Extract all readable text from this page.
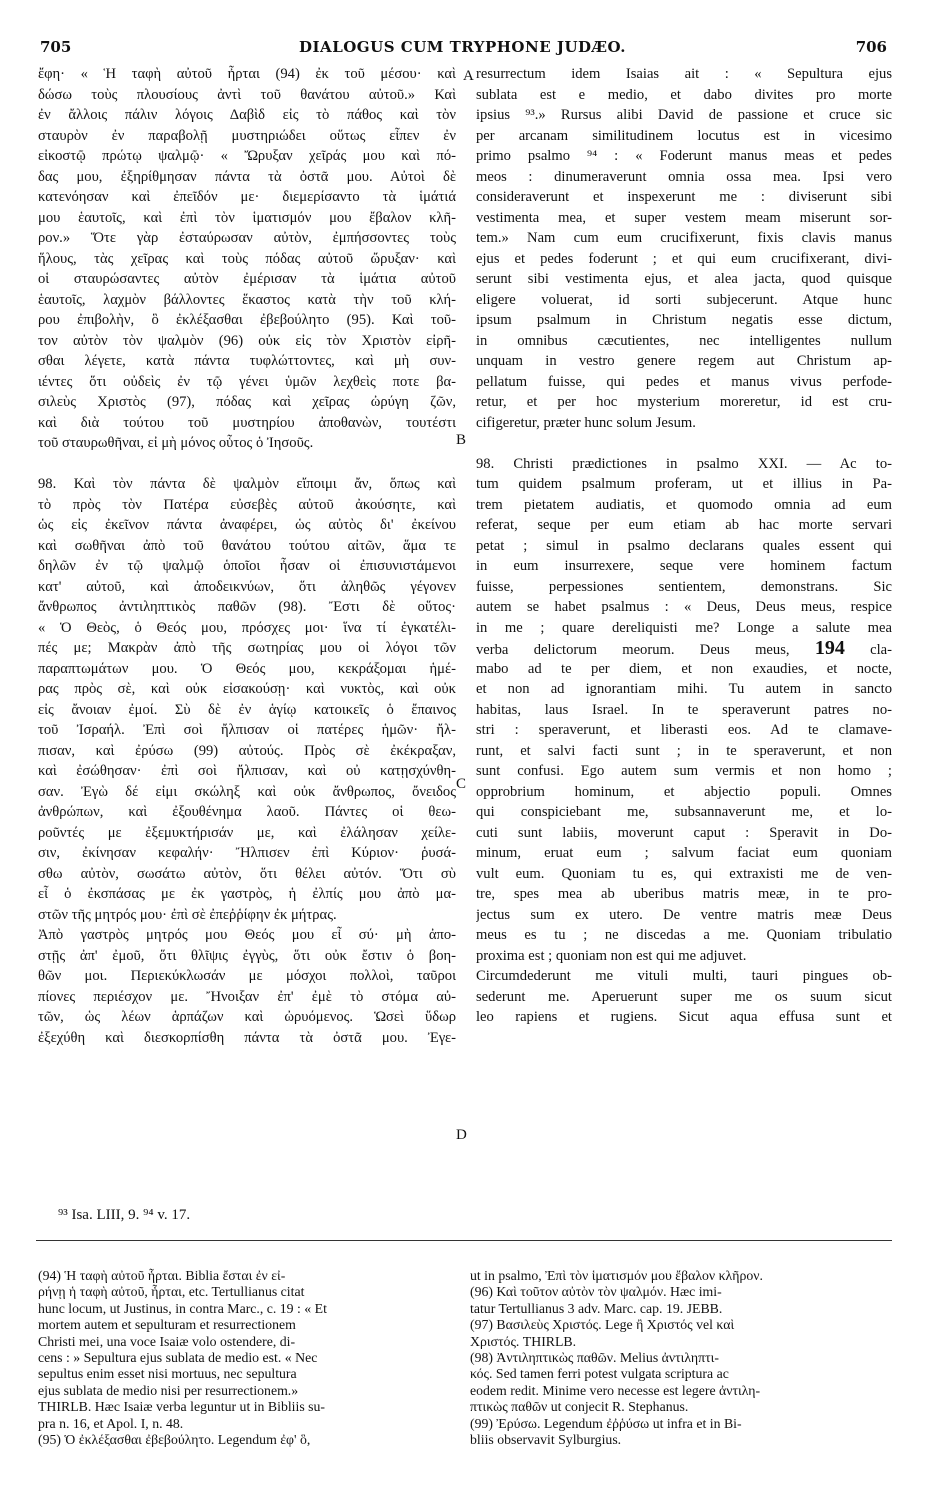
705	DIALOGUS CUM TRYPHONE JUDÆO.	706
ἔφη· « Ἡ ταφὴ αὐτοῦ ἦρται (94) ἐκ τοῦ μέσου· καὶ
δώσω τοὺς πλουσίους ἀντὶ τοῦ θανάτου αὐτοῦ.» Καὶ
ἐν ἄλλοις πάλιν λόγοις Δαβὶδ εἰς τὸ πάθος καὶ τὸν
σταυρὸν ἐν παραβολῇ μυστηριώδει οὕτως εἶπεν ἐν
εἰκοστῷ πρώτῳ ψαλμῷ· « Ὤρυξαν χεῖράς μου καὶ πό-
δας μου, ἐξηρίθμησαν πάντα τὰ ὀστᾶ μου. Αὐτοὶ δὲ
κατενόησαν καὶ ἐπεῖδόν με· διεμερίσαντο τὰ ἱμάτιά
μου ἑαυτοῖς, καὶ ἐπὶ τὸν ἱματισμόν μου ἔβαλον κλῆ-
ρον.» Ὅτε γὰρ ἐσταύρωσαν αὐτὸν, ἐμπήσσοντες τοὺς
ἥλους, τὰς χεῖρας καὶ τοὺς πόδας αὐτοῦ ὤρυξαν· καὶ
οἱ σταυρώσαντες αὐτὸν ἐμέρισαν τὰ ἱμάτια αὐτοῦ
ἑαυτοῖς, λαχμὸν βάλλοντες ἕκαστος κατὰ τὴν τοῦ κλή-
ρου ἐπιβολὴν, ὃ ἐκλέξασθαι ἐβεβούλητο (95). Καὶ τοῦ-
τον αὐτὸν τὸν ψαλμὸν (96) οὐκ εἰς τὸν Χριστὸν εἰρῆ-
σθαι λέγετε, κατὰ πάντα τυφλώττοντες, καὶ μὴ συν-
ιέντες ὅτι οὐδεὶς ἐν τῷ γένει ὑμῶν λεχθεὶς ποτε βα-
σιλεὺς Χριστὸς (97), πόδας καὶ χεῖρας ὠρύγη ζῶν,
καὶ διὰ τούτου τοῦ μυστηρίου ἀποθανὼν, τουτέστι
τοῦ σταυρωθῆναι, εἰ μὴ μόνος οὗτος ὁ Ἰησοῦς.
98. Καὶ τὸν πάντα δὲ ψαλμὸν εἴποιμι ἄν, ὅπως καὶ
τὸ πρὸς τὸν Πατέρα εὐσεβὲς αὐτοῦ ἀκούσητε, καὶ
ὡς εἰς ἐκεῖνον πάντα ἀναφέρει, ὡς αὐτὸς δι' ἐκείνου
καὶ σωθῆναι ἀπὸ τοῦ θανάτου τούτου αἰτῶν, ἅμα τε
δηλῶν ἐν τῷ ψαλμῷ ὁποῖοι ἦσαν οἱ ἐπισυνιστάμενοι
κατ' αὐτοῦ, καὶ ἀποδεικνύων, ὅτι ἀληθῶς γέγονεν
ἄνθρωπος ἀντιληπτικὸς παθῶν (98). Ἔστι δὲ οὕτος·
« Ὁ Θεὸς, ὁ Θεός μου, πρόσχες μοι· ἵνα τί ἐγκατέλι-
πές με; Μακρὰν ἀπὸ τῆς σωτηρίας μου οἱ λόγοι τῶν
παραπτωμάτων μου. Ὁ Θεός μου, κεκράξομαι ἡμέ-
ρας πρὸς σὲ, καὶ οὐκ εἰσακούσῃ· καὶ νυκτὸς, καὶ οὐκ
εἰς ἄνοιαν ἐμοί. Σὺ δὲ ἐν ἁγίῳ κατοικεῖς ὁ ἔπαινος
τοῦ Ἰσραήλ. Ἐπὶ σοὶ ἤλπισαν οἱ πατέρες ἡμῶν· ἤλ-
πισαν, καὶ ἐρύσω (99) αὐτούς. Πρὸς σὲ ἐκέκραξαν,
καὶ ἐσώθησαν· ἐπὶ σοὶ ἤλπισαν, καὶ οὐ κατῃσχύνθη-
σαν. Ἐγὼ δέ εἰμι σκώληξ καὶ οὐκ ἄνθρωπος, ὄνειδος
ἀνθρώπων, καὶ ἐξουθένημα λαοῦ. Πάντες οἱ θεω-
ροῦντές με ἐξεμυκτήρισάν με, καὶ ἐλάλησαν χείλε-
σιν, ἐκίνησαν κεφαλήν· Ἤλπισεν ἐπὶ Κύριον· ῥυσά-
σθω αὐτὸν, σωσάτω αὐτὸν, ὅτι θέλει αὐτόν. Ὅτι σὺ
εἶ ὁ ἐκσπάσας με ἐκ γαστρὸς, ἡ ἐλπίς μου ἀπὸ μα-
στῶν τῆς μητρός μου· ἐπὶ σὲ ἐπεῤῥίφην ἐκ μήτρας.
Ἀπὸ γαστρὸς μητρός μου Θεός μου εἶ σύ· μὴ ἀπο-
στῇς ἀπ' ἐμοῦ, ὅτι θλῖψις ἐγγὺς, ὅτι οὐκ ἔστιν ὁ βοη-
θῶν μοι. Περιεκύκλωσάν με μόσχοι πολλοὶ, ταῦροι
πίονες περιέσχον με. Ἤνοιξαν ἐπ' ἐμὲ τὸ στόμα αὐ-
τῶν, ὡς λέων ἁρπάζων καὶ ὠρυόμενος. Ὡσεὶ ὕδωρ
ἐξεχύθη καὶ διεσκορπίσθη πάντα τὰ ὀστᾶ μου. Ἐγε-
resurrectum idem Isaias ait : « Sepultura ejus
sublata est e medio, et dabo divites pro morte
ipsius ⁹³.» Rursus alibi David de passione et cruce sic
per arcanam similitudinem locutus est in vicesimo
primo psalmo ⁹⁴ : « Foderunt manus meas et pedes
meos : dinumeraverunt omnia ossa mea. Ipsi vero
consideraverunt et inspexerunt me : diviserunt sibi
vestimenta mea, et super vestem meam miserunt sor-
tem.» Nam cum eum crucifixerunt, fixis clavis manus
ejus et pedes foderunt ; et qui eum crucifixerant, divi-
serunt sibi vestimenta ejus, et alea jacta, quod quisque
eligere voluerat, id sorti subjecerunt. Atque hunc
ipsum psalmum in Christum negatis esse dictum,
in omnibus cæcutientes, nec intelligentes nullum
unquam in vestro genere regem aut Christum ap-
pellatum fuisse, qui pedes et manus vivus perfode-
retur, et per hoc mysterium moreretur, id est cru-
cifigeretur, præter hunc solum Jesum.
98. Christi prædictiones in psalmo XXI. — Ac to-
tum quidem psalmum proferam, ut et illius in Pa-
trem pietatem audiatis, et quomodo omnia ad eum
referat, seque per eum etiam ab hac morte servari
petat ; simul in psalmo declarans quales essent qui
in eum insurrexere, seque vere hominem factum
fuisse, perpessiones sentientem, demonstrans. Sic
autem se habet psalmus : « Deus, Deus meus, respice
in me ; quare dereliquisti me? Longe a salute mea
verba delictorum meorum. Deus meus, 194 cla-
mabo ad te per diem, et non exaudies, et nocte,
et non ad ignorantiam mihi. Tu autem in sancto
habitas, laus Israel. In te speraverunt patres no-
stri : speraverunt, et liberasti eos. Ad te clamave-
runt, et salvi facti sunt ; in te speraverunt, et non
sunt confusi. Ego autem sum vermis et non homo ;
opprobrium hominum, et abjectio populi. Omnes
qui conspiciebant me, subsannaverunt me, et lo-
cuti sunt labiis, moverunt caput : Speravit in Do-
minum, eruat eum ; salvum faciat eum quoniam
vult eum. Quoniam tu es, qui extraxisti me de ven-
tre, spes mea ab uberibus matris meæ, in te pro-
jectus sum ex utero. De ventre matris meæ Deus
meus es tu ; ne discedas a me. Quoniam tribulatio
proxima est ; quoniam non est qui me adjuvet.
Circumdederunt me vituli multi, tauri pingues ob-
sederunt me. Aperuerunt super me os suum sicut
leo rapiens et rugiens. Sicut aqua effusa sunt et
A
B
C
D
⁹³ Isa. LIII, 9. ⁹⁴ v. 17.
(94) Ἡ ταφὴ αὐτοῦ ἦρται. Biblia ἔσται ἐν εἰ-
ρήνῃ ἡ ταφὴ αὐτοῦ, ἦρται, etc. Tertullianus citat
hunc locum, ut Justinus, in contra Marc., c. 19 : « Et
mortem autem et sepulturam et resurrectionem
Christi mei, una voce Isaiæ volo ostendere, di-
cens : » Sepultura ejus sublata de medio est. « Nec
sepultus enim esset nisi mortuus, nec sepultura
ejus sublata de medio nisi per resurrectionem.»
THIRLB. Hæc Isaiæ verba leguntur ut in Bibliis su-
pra n. 16, et Apol. I, n. 48.
(95) Ὁ ἐκλέξασθαι ἐβεβούλητο. Legendum ἐφ' ὃ,
ut in psalmo, Ἐπὶ τὸν ἱματισμόν μου ἔβαλον κλῆρον.
(96) Καὶ τοῦτον αὐτὸν τὸν ψαλμόν. Hæc imi-
tatur Tertullianus 3 adv. Marc. cap. 19. JEBB.
(97) Βασιλεὺς Χριστός. Lege ἢ Χριστός vel καὶ
Χριστός. THIRLB.
(98) Ἀντιληπτικὼς παθῶν. Melius ἀντιληπτι-
κός. Sed tamen ferri potest vulgata scriptura ac
eodem redit. Minime vero necesse est legere ἀντιλη-
πτικὼς παθῶν ut conjecit R. Stephanus.
(99) Ἐρύσω. Legendum ἐῤῥύσω ut infra et in Bi-
bliis observavit Sylburgius.
